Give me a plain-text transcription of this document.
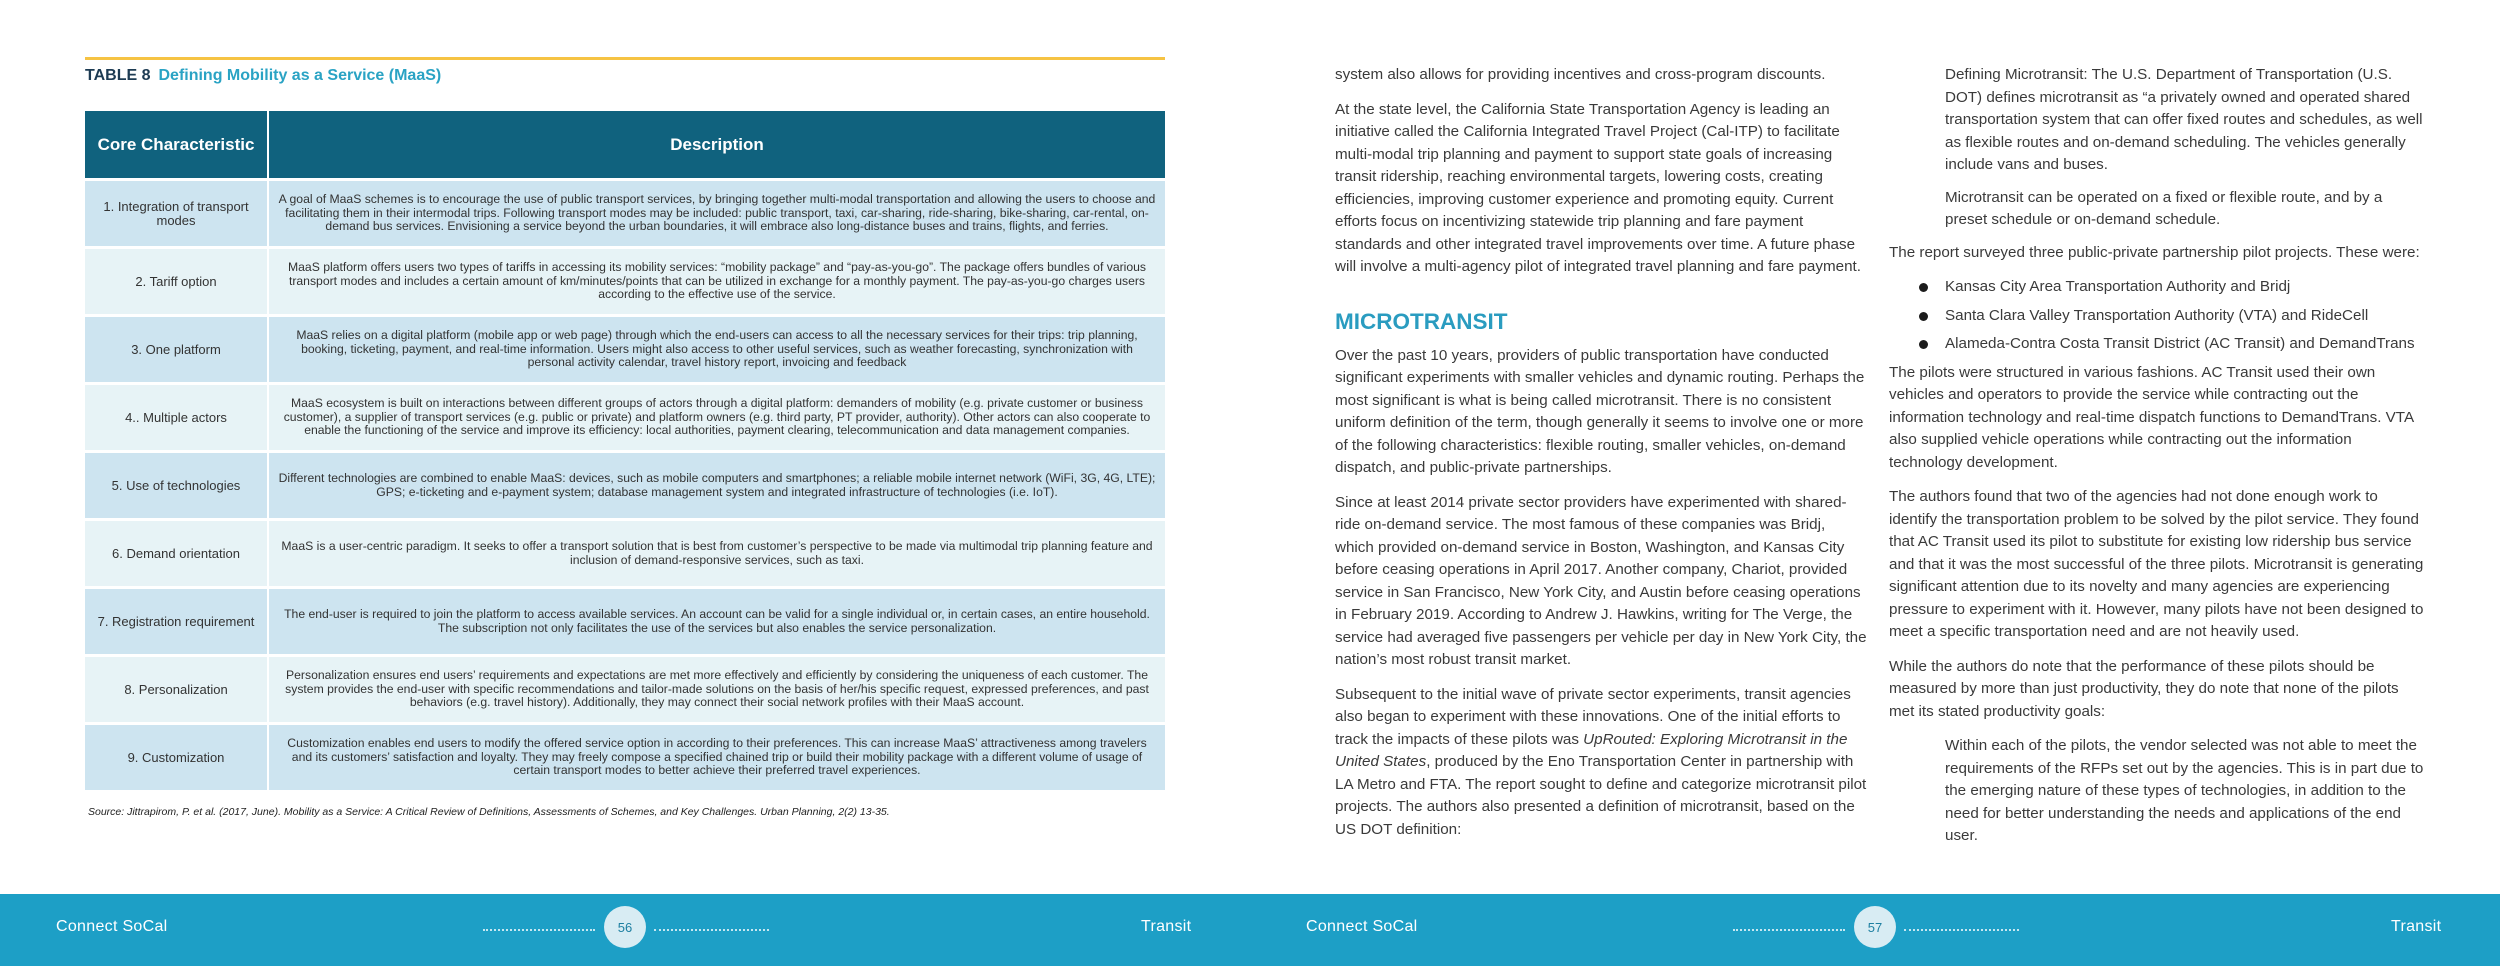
TABLE 8 Defining Mobility as a Service (MaaS)
Core Characteristic	Description
1. Integration of transport modes	A goal of MaaS schemes is to encourage the use of public transport services, by bringing together multi-modal transportation and allowing the users to choose and facilitating them in their intermodal trips. Following transport modes may be included: public transport, taxi, car-sharing, ride-sharing, bike-sharing, car-rental, on-demand bus services. Envisioning a service beyond the urban boundaries, it will embrace also long-distance buses and trains, flights, and ferries.
2. Tariff option	MaaS platform offers users two types of tariffs in accessing its mobility services: “mobility package” and “pay-as-you-go”. The package offers bundles of various transport modes and includes a certain amount of km/minutes/points that can be utilized in exchange for a monthly payment. The pay-as-you-go charges users according to the effective use of the service.
3. One platform	MaaS relies on a digital platform (mobile app or web page) through which the end-users can access to all the necessary services for their trips: trip planning, booking, ticketing, payment, and real-time information. Users might also access to other useful services, such as weather forecasting, synchronization with personal activity calendar, travel history report, invoicing and feedback
4.. Multiple actors	MaaS ecosystem is built on interactions between different groups of actors through a digital platform: demanders of mobility (e.g. private customer or business customer), a supplier of transport services (e.g. public or private) and platform owners (e.g. third party, PT provider, authority). Other actors can also cooperate to enable the functioning of the service and improve its efficiency: local authorities, payment clearing, telecommunication and data management companies.
5. Use of technologies	Different technologies are combined to enable MaaS: devices, such as mobile computers and smartphones; a reliable mobile internet network (WiFi, 3G, 4G, LTE); GPS; e-ticketing and e-payment system; database management system and integrated infrastructure of technologies (i.e. IoT).
6. Demand orientation	MaaS is a user-centric paradigm. It seeks to offer a transport solution that is best from customer’s perspective to be made via multimodal trip planning feature and inclusion of demand-responsive services, such as taxi.
7. Registration requirement	The end-user is required to join the platform to access available services. An account can be valid for a single individual or, in certain cases, an entire household. The subscription not only facilitates the use of the services but also enables the service personalization.
8. Personalization	Personalization ensures end users’ requirements and expectations are met more effectively and efficiently by considering the uniqueness of each customer. The system provides the end-user with specific recommendations and tailor-made solutions on the basis of her/his specific request, expressed preferences, and past behaviors (e.g. travel history). Additionally, they may connect their social network profiles with their MaaS account.
9. Customization	Customization enables end users to modify the offered service option in according to their preferences. This can increase MaaS’ attractiveness among travelers and its customers’ satisfaction and loyalty. They may freely compose a specified chained trip or build their mobility package with a different volume of usage of certain transport modes to better achieve their preferred travel experiences.
Source: Jittrapirom, P. et al. (2017, June). Mobility as a Service: A Critical Review of Definitions, Assessments of Schemes, and Key Challenges. Urban Planning, 2(2) 13-35.

system also allows for providing incentives and cross-program discounts.

At the state level, the California State Transportation Agency is leading an initiative called the California Integrated Travel Project (Cal-ITP) to facilitate multi-modal trip planning and payment to support state goals of increasing transit ridership, reaching environmental targets, lowering costs, creating efficiencies, improving customer experience and promoting equity. Current efforts focus on incentivizing statewide trip planning and fare payment standards and other integrated travel improvements over time. A future phase will involve a multi-agency pilot of integrated travel planning and fare payment.

MICROTRANSIT

Over the past 10 years, providers of public transportation have conducted significant experiments with smaller vehicles and dynamic routing. Perhaps the most significant is what is being called microtransit. There is no consistent uniform definition of the term, though generally it seems to involve one or more of the following characteristics: flexible routing, smaller vehicles, on-demand dispatch, and public-private partnerships.

Since at least 2014 private sector providers have experimented with shared-ride on-demand service. The most famous of these companies was Bridj, which provided on-demand service in Boston, Washington, and Kansas City before ceasing operations in April 2017. Another company, Chariot, provided service in San Francisco, New York City, and Austin before ceasing operations in February 2019. According to Andrew J. Hawkins, writing for The Verge, the service had averaged five passengers per vehicle per day in New York City, the nation’s most robust transit market.

Subsequent to the initial wave of private sector experiments, transit agencies also began to experiment with these innovations. One of the initial efforts to track the impacts of these pilots was UpRouted: Exploring Microtransit in the United States, produced by the Eno Transportation Center in partnership with LA Metro and FTA. The report sought to define and categorize microtransit pilot projects. The authors also presented a definition of microtransit, based on the US DOT definition:

Defining Microtransit: The U.S. Department of Transportation (U.S. DOT) defines microtransit as “a privately owned and operated shared transportation system that can offer fixed routes and schedules, as well as flexible routes and on-demand scheduling. The vehicles generally include vans and buses.

Microtransit can be operated on a fixed or flexible route, and by a preset schedule or on-demand schedule.

The report surveyed three public-private partnership pilot projects. These were:

Kansas City Area Transportation Authority and Bridj
Santa Clara Valley Transportation Authority (VTA) and RideCell
Alameda-Contra Costa Transit District (AC Transit) and DemandTrans

The pilots were structured in various fashions. AC Transit used their own vehicles and operators to provide the service while contracting out the information technology and real-time dispatch functions to DemandTrans. VTA also supplied vehicle operations while contracting out the information technology development.

The authors found that two of the agencies had not done enough work to identify the transportation problem to be solved by the pilot service. They found that AC Transit used its pilot to substitute for existing low ridership bus service and that it was the most successful of the three pilots. Microtransit is generating significant attention due to its novelty and many agencies are experiencing pressure to experiment with it. However, many pilots have not been designed to meet a specific transportation need and are not heavily used.

While the authors do note that the performance of these pilots should be measured by more than just productivity, they do note that none of the pilots met its stated productivity goals:

Within each of the pilots, the vendor selected was not able to meet the requirements of the RFPs set out by the agencies. This is in part due to the emerging nature of these types of technologies, in addition to the need for better understanding the needs and applications of the end user.

Connect SoCal	56	Transit	Connect SoCal	57	Transit
